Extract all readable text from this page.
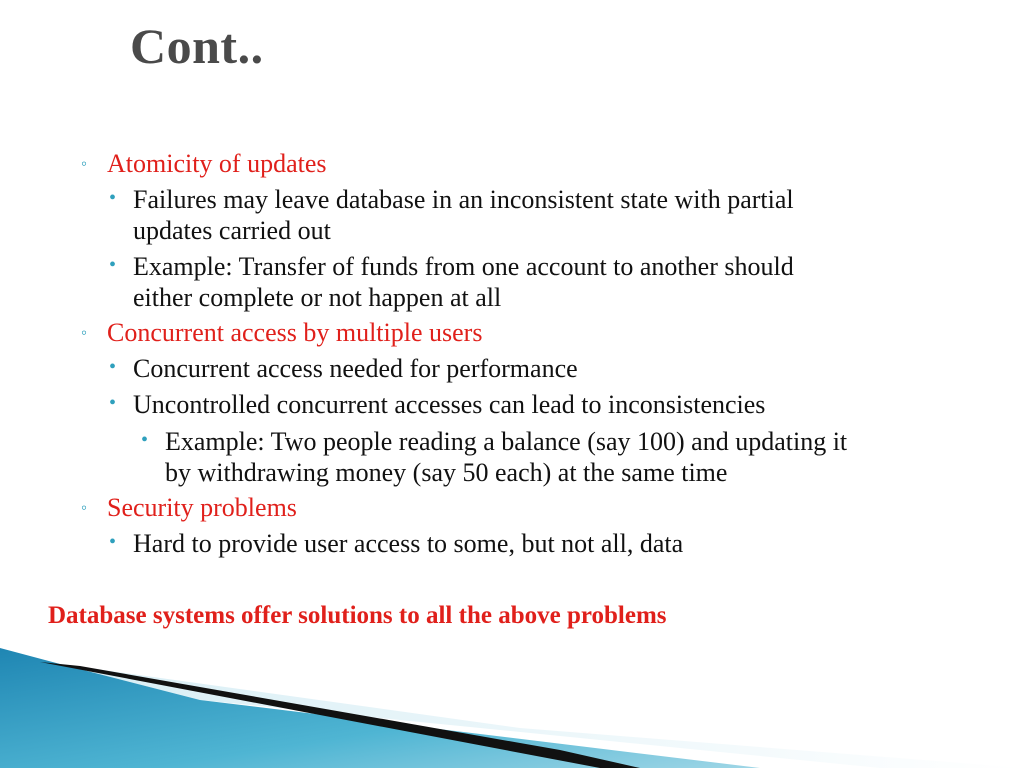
Cont..
◦ Atomicity of updates
• Failures may leave database in an inconsistent state with partial
updates carried out
• Example: Transfer of funds from one account to another should
either complete or not happen at all
◦ Concurrent access by multiple users
• Concurrent access needed for performance
• Uncontrolled concurrent accesses can lead to inconsistencies
• Example: Two people reading a balance (say 100) and updating it
by withdrawing money (say 50 each) at the same time
◦ Security problems
• Hard to provide user access to some, but not all, data

Database systems offer solutions to all the above problems
